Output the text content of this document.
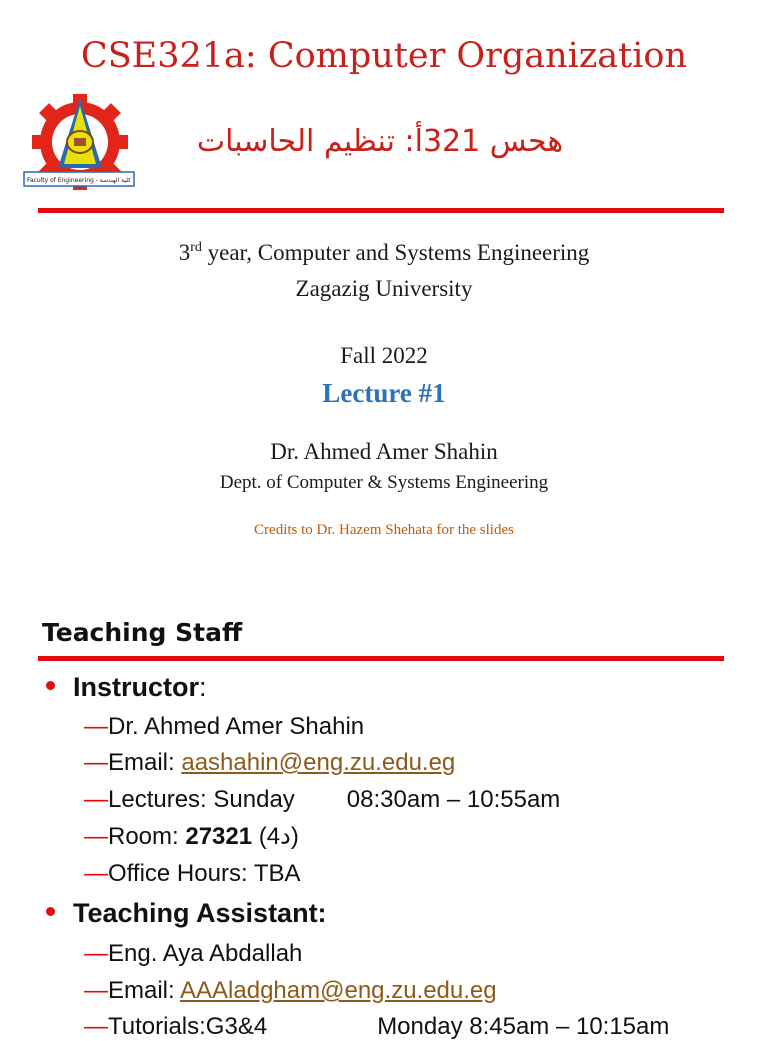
CSE321a: Computer Organization
Faculty of Engineering - كلية الهندسة
هحس 321أ: تنظيم الحاسبات
3rd year, Computer and Systems Engineering
Zagazig University
Fall 2022
Lecture #1
Dr. Ahmed Amer Shahin
Dept. of Computer & Systems Engineering
Credits to Dr. Hazem Shehata for the slides
Teaching Staff
Instructor:
—Dr. Ahmed Amer Shahin
—Email: aashahin@eng.zu.edu.eg
—Lectures: Sunday 08:30am – 10:55am
—Room: 27321 (4د)
—Office Hours: TBA
Teaching Assistant:
—Eng. Aya Abdallah
—Email: AAAladgham@eng.zu.edu.eg
—Tutorials:G3&4	Monday 8:45am – 10:15am
